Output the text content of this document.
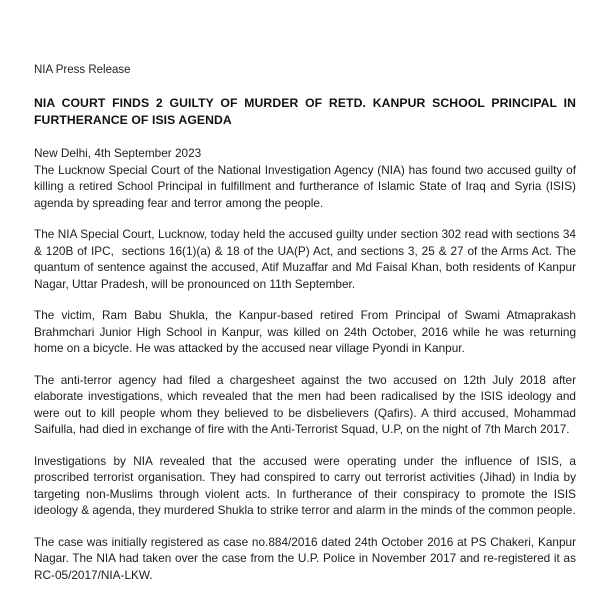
NIA Press Release

NIA COURT FINDS 2 GUILTY OF MURDER OF RETD. KANPUR SCHOOL PRINCIPAL IN FURTHERANCE OF ISIS AGENDA

New Delhi, 4th September 2023

The Lucknow Special Court of the National Investigation Agency (NIA) has found two accused guilty of killing a retired School Principal in fulfillment and furtherance of Islamic State of Iraq and Syria (ISIS) agenda by spreading fear and terror among the people.

The NIA Special Court, Lucknow, today held the accused guilty under section 302 read with sections 34 & 120B of IPC,  sections 16(1)(a) & 18 of the UA(P) Act, and sections 3, 25 & 27 of the Arms Act. The quantum of sentence against the accused, Atif Muzaffar and Md Faisal Khan, both residents of Kanpur Nagar, Uttar Pradesh, will be pronounced on 11th September.

The victim, Ram Babu Shukla, the Kanpur-based retired From Principal of Swami Atmaprakash Brahmchari Junior High School in Kanpur, was killed on 24th October, 2016 while he was returning home on a bicycle. He was attacked by the accused near village Pyondi in Kanpur.

The anti-terror agency had filed a chargesheet against the two accused on 12th July 2018 after elaborate investigations, which revealed that the men had been radicalised by the ISIS ideology and were out to kill people whom they believed to be disbelievers (Qafirs). A third accused, Mohammad Saifulla, had died in exchange of fire with the Anti-Terrorist Squad, U.P, on the night of 7th March 2017.

Investigations by NIA revealed that the accused were operating under the influence of ISIS, a proscribed terrorist organisation. They had conspired to carry out terrorist activities (Jihad) in India by targeting non-Muslims through violent acts. In furtherance of their conspiracy to promote the ISIS ideology & agenda, they murdered Shukla to strike terror and alarm in the minds of the common people.

The case was initially registered as case no.884/2016 dated 24th October 2016 at PS Chakeri, Kanpur Nagar. The NIA had taken over the case from the U.P. Police in November 2017 and re-registered it as RC-05/2017/NIA-LKW.
